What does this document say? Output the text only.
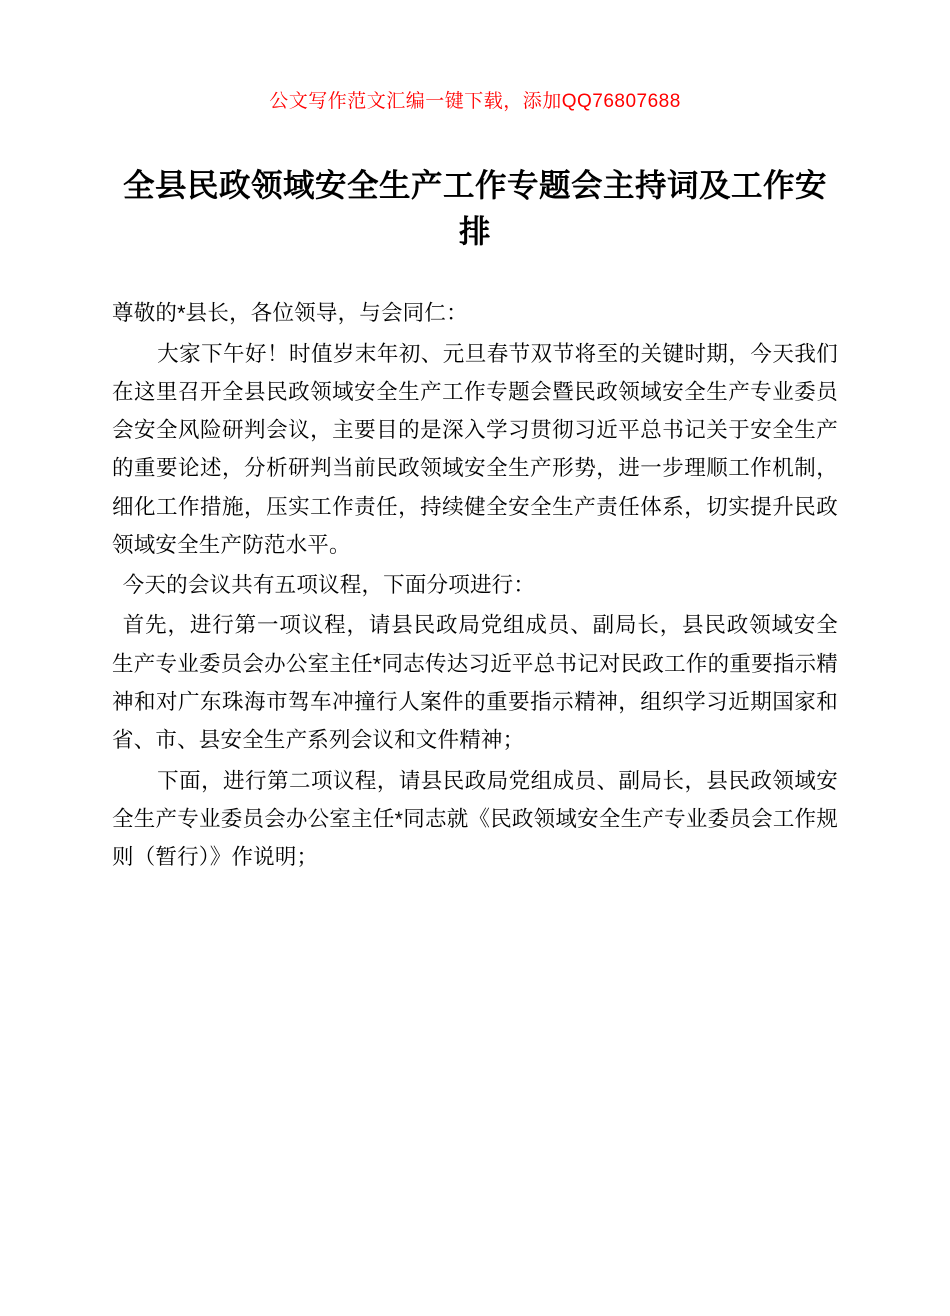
公文写作范文汇编一键下载，添加QQ76807688
全县民政领域安全生产工作专题会主持词及工作安排

尊敬的*县长，各位领导，与会同仁：

大家下午好！时值岁末年初、元旦春节双节将至的关键时期，今天我们在这里召开全县民政领域安全生产工作专题会暨民政领域安全生产专业委员会安全风险研判会议，主要目的是深入学习贯彻习近平总书记关于安全生产的重要论述，分析研判当前民政领域安全生产形势，进一步理顺工作机制，细化工作措施，压实工作责任，持续健全安全生产责任体系，切实提升民政领域安全生产防范水平。

今天的会议共有五项议程，下面分项进行：

首先，进行第一项议程，请县民政局党组成员、副局长，县民政领域安全生产专业委员会办公室主任*同志传达习近平总书记对民政工作的重要指示精神和对广东珠海市驾车冲撞行人案件的重要指示精神，组织学习近期国家和省、市、县安全生产系列会议和文件精神；

下面，进行第二项议程，请县民政局党组成员、副局长，县民政领域安全生产专业委员会办公室主任*同志就《民政领域安全生产专业委员会工作规则（暂行）》作说明；
